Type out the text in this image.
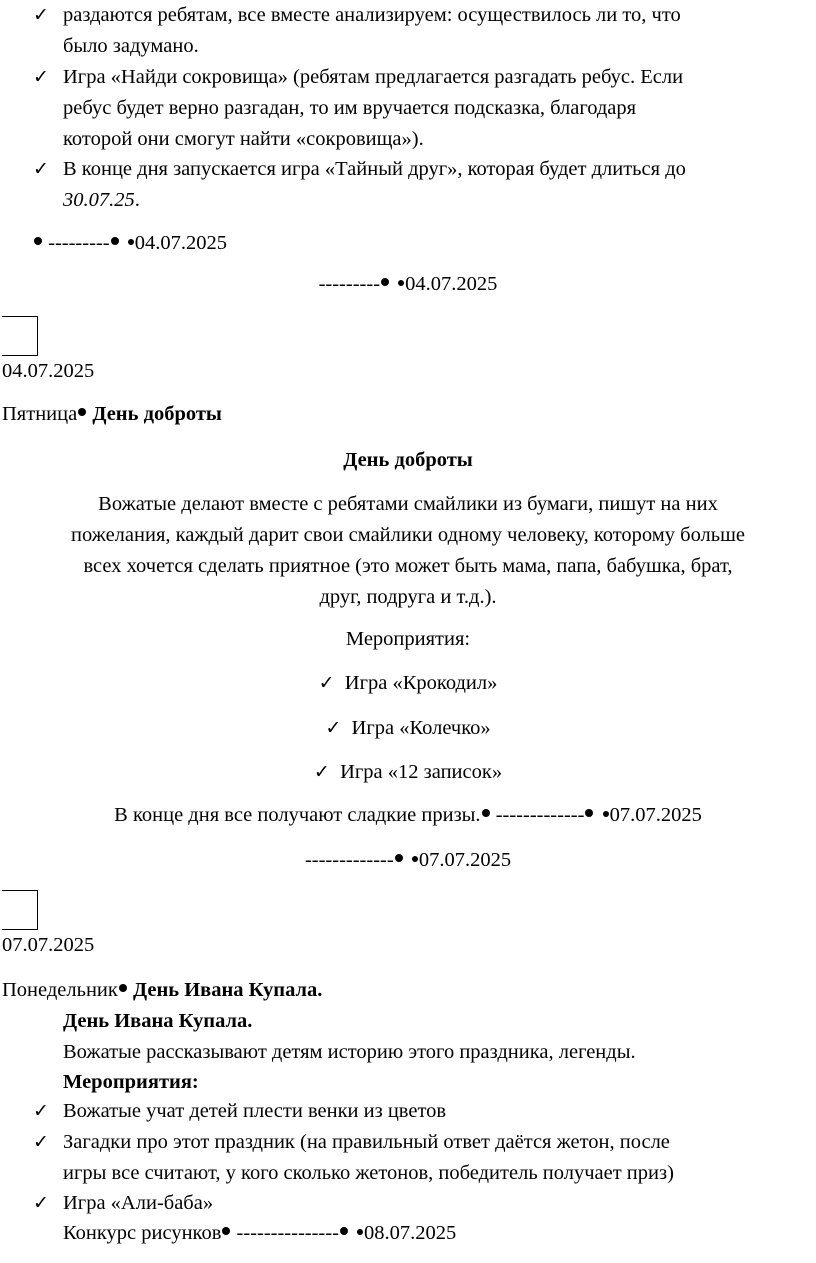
✓ раздаются ребятам, все вместе анализируем: осуществилось ли то, что
было задумано.
✓ Игра «Найди сокровища» (ребятам предлагается разгадать ребус. Если
ребус будет верно разгадан, то им вручается подсказка, благодаря
которой они смогут найти «сокровища»).
✓ В конце дня запускается игра «Тайный друг», которая будет длиться до
30.07.25.
--------- 04.07.2025
--------- 04.07.2025
04.07.2025
Пятница День доброты
День доброты
Вожатые делают вместе с ребятами смайлики из бумаги, пишут на них
пожелания, каждый дарит свои смайлики одному человеку, которому больше
всех хочется сделать приятное (это может быть мама, папа, бабушка, брат,
друг, подруга и т.д.).
Мероприятия:
✓ Игра «Крокодил»
✓ Игра «Колечко»
✓ Игра «12 записок»
В конце дня все получают сладкие призы. ------------- 07.07.2025
------------- 07.07.2025
07.07.2025
Понедельник День Ивана Купала.
День Ивана Купала.
Вожатые рассказывают детям историю этого праздника, легенды.
Мероприятия:
✓ Вожатые учат детей плести венки из цветов
✓ Загадки про этот праздник (на правильный ответ даётся жетон, после
игры все считают, у кого сколько жетонов, победитель получает приз)
✓ Игра «Али-баба»
Конкурс рисунков --------------- 08.07.2025
